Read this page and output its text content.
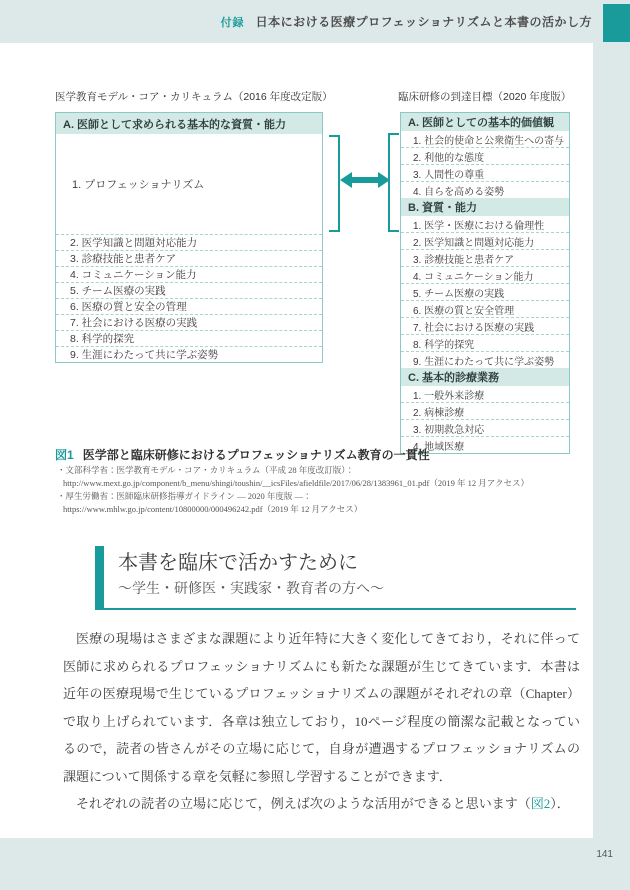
付録 日本における医療プロフェッショナリズムと本書の活かし方
医学教育モデル・コア・カリキュラム（2016 年度改定版）	臨床研修の到達目標（2020 年度版）
A. 医師として求められる基本的な資質・能力
1. プロフェッショナリズム
2. 医学知識と問題対応能力
3. 診療技能と患者ケア
4. コミュニケーション能力
5. チーム医療の実践
6. 医療の質と安全の管理
7. 社会における医療の実践
8. 科学的探究
9. 生涯にわたって共に学ぶ姿勢
A. 医師としての基本的価値観
1. 社会的使命と公衆衛生への寄与
2. 利他的な態度
3. 人間性の尊重
4. 自らを高める姿勢
B. 資質・能力
1. 医学・医療における倫理性
2. 医学知識と問題対応能力
3. 診療技能と患者ケア
4. コミュニケーション能力
5. チーム医療の実践
6. 医療の質と安全管理
7. 社会における医療の実践
8. 科学的探究
9. 生涯にわたって共に学ぶ姿勢
C. 基本的診療業務
1. 一般外来診療
2. 病棟診療
3. 初期救急対応
4. 地域医療
図1 医学部と臨床研修におけるプロフェッショナリズム教育の一貫性
・文部科学省：医学教育モデル・コア・カリキュラム（平成 28 年度改訂版）：
http://www.mext.go.jp/component/b_menu/shingi/toushin/__icsFiles/afieldfile/2017/06/28/1383961_01.pdf（2019 年 12 月アクセス）
・厚生労働省：医師臨床研修指導ガイドライン ― 2020 年度版 ―：
https://www.mhlw.go.jp/content/10800000/000496242.pdf（2019 年 12 月アクセス）
本書を臨床で活かすために
～学生・研修医・実践家・教育者の方へ～

医療の現場はさまざまな課題により近年特に大きく変化してきており，それに伴って医師に求められるプロフェッショナリズムにも新たな課題が生じてきています．本書は近年の医療現場で生じているプロフェッショナリズムの課題がそれぞれの章（Chapter）で取り上げられています．各章は独立しており，10ページ程度の簡潔な記載となっているので，読者の皆さんがその立場に応じて，自身が遭遇するプロフェッショナリズムの課題について関係する章を気軽に参照し学習することができます．

それぞれの読者の立場に応じて，例えば次のような活用ができると思います（図2）．

141
